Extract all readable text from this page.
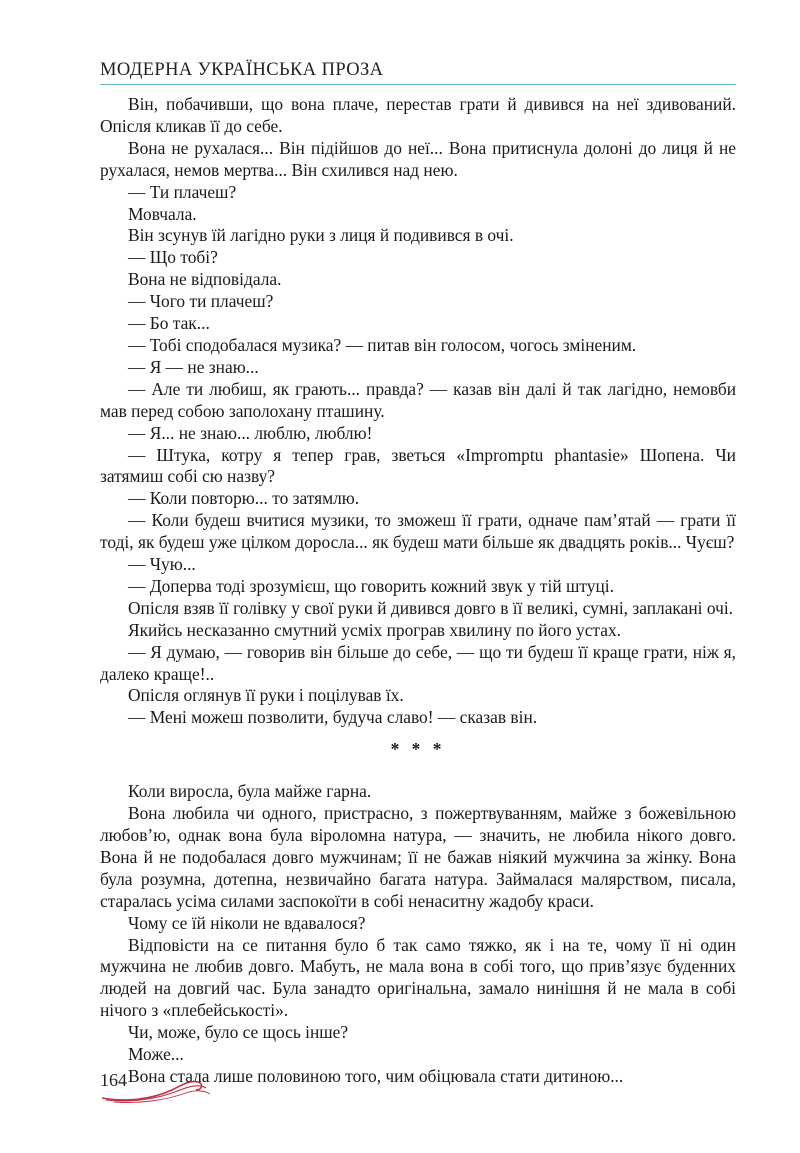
МОДЕРНА УКРАЇНСЬКА ПРОЗА

Він, побачивши, що вона плаче, перестав грати й дивився на неї здивований. Опісля кликав її до себе.

Вона не рухалася... Він підійшов до неї... Вона притиснула долоні до лиця й не рухалася, немов мертва... Він схилився над нею.

— Ти плачеш?

Мовчала.

Він зсунув їй лагідно руки з лиця й подивився в очі.

— Що тобі?

Вона не відповідала.

— Чого ти плачеш?

— Бо так...

— Тобі сподобалася музика? — питав він голосом, чогось зміненим.

— Я — не знаю...

— Але ти любиш, як грають... правда? — казав він далі й так лагідно, немовби мав перед собою заполохану пташину.

— Я... не знаю... люблю, люблю!

— Штука, котру я тепер грав, зветься «Impromptu phantasie» Шопена. Чи затямиш собі сю назву?

— Коли повторю... то затямлю.

— Коли будеш вчитися музики, то зможеш її грати, одначе пам’ятай — грати її тоді, як будеш уже цілком доросла... як будеш мати більше як двадцять років... Чуєш?

— Чую...

— Доперва тоді зрозумієш, що говорить кожний звук у тій штуці.

Опісля взяв її голівку у свої руки й дивився довго в її великі, сумні, заплакані очі.

Якийсь несказанно смутний усміх програв хвилину по його устах.

— Я думаю, — говорив він більше до себе, — що ти будеш її краще грати, ніж я, далеко краще!..

Опісля оглянув її руки і поцілував їх.

— Мені можеш позволити, будуча славо! — сказав він.

* * *

Коли виросла, була майже гарна.

Вона любила чи одного, пристрасно, з пожертвуванням, майже з божевільною любов’ю, однак вона була віроломна натура, — значить, не любила нікого довго. Вона й не подобалася довго мужчинам; її не бажав ніякий мужчина за жінку. Вона була розумна, дотепна, незвичайно багата натура. Займалася малярством, писала, старалась усіма силами заспокоїти в собі ненаситну жадобу краси.

Чому се їй ніколи не вдавалося?

Відповісти на се питання було б так само тяжко, як і на те, чому її ні один мужчина не любив довго. Мабуть, не мала вона в собі того, що прив’язує буденних людей на довгий час. Була занадто оригінальна, замало нинішня й не мала в собі нічого з «плебейськості».

Чи, може, було се щось інше?

Може...

Вона стала лише половиною того, чим обіцювала стати дитиною...

164
